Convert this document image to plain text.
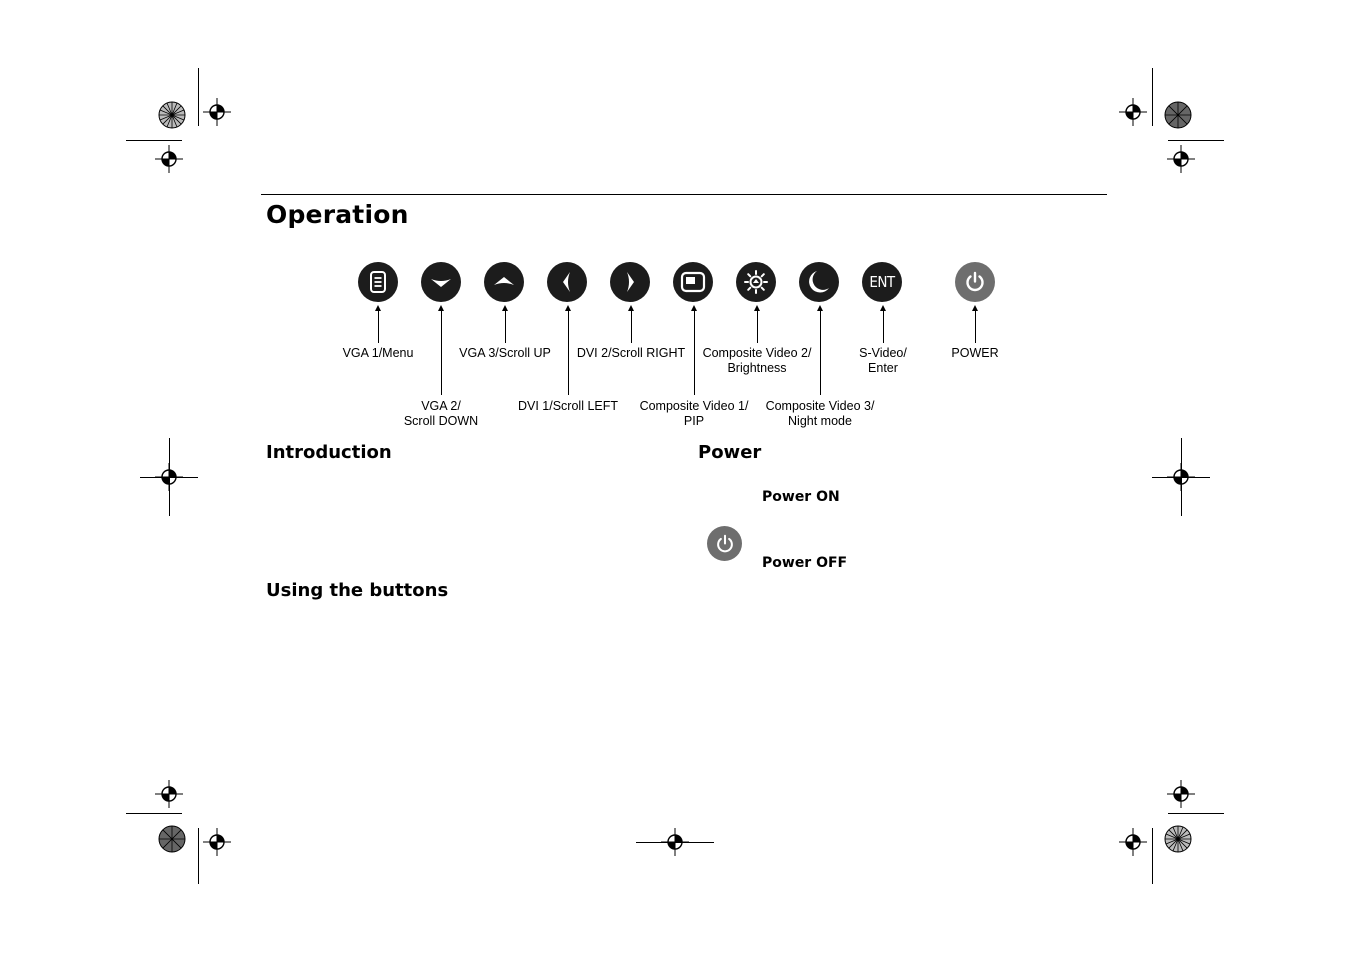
Operation
ENT
VGA 1/Menu	VGA 3/Scroll UP DVI 2/Scroll RIGHT Composite Video 2/
Brightness
S-Video/
Enter
POWER
VGA 2/
Scroll DOWN
DVI 1/Scroll LEFT Composite Video 1/
PIP
Composite Video 3/
Night mode
Introduction
Using the buttons
Power
Power ON
Power OFF
